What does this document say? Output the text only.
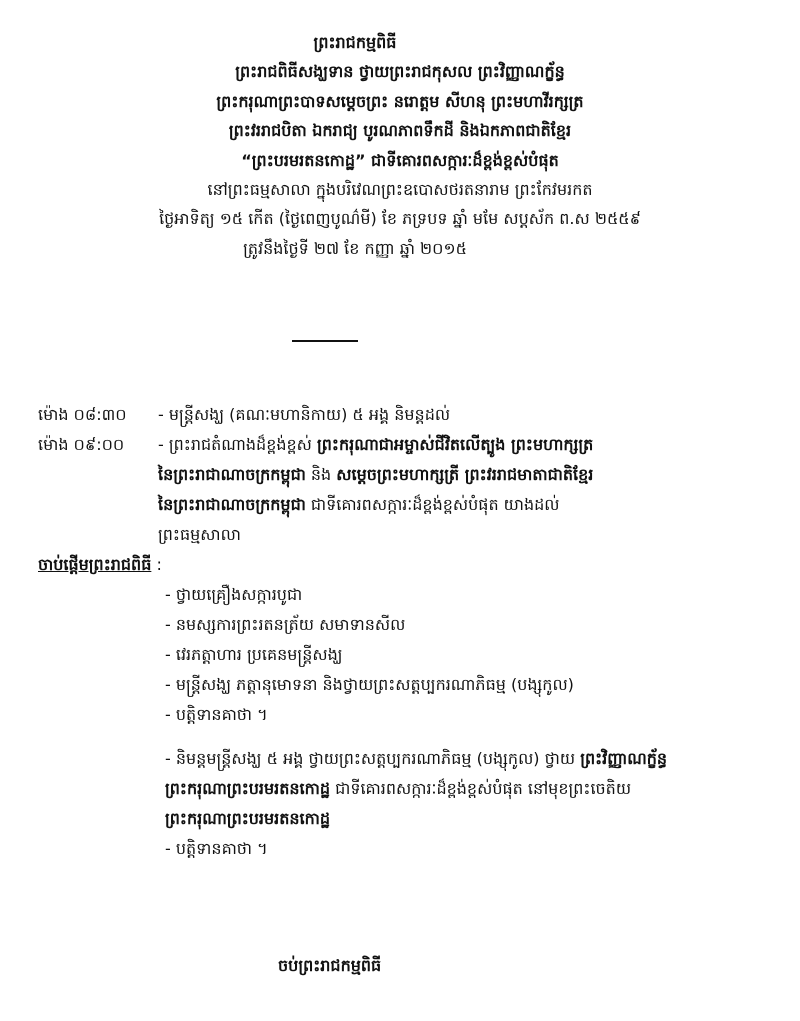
ព្រះរាជកម្មពិធី
ព្រះរាជពិធីសង្ឃទាន ថ្វាយព្រះរាជកុសល ព្រះវិញ្ញាណក្ខ័ន្ធ
ព្រះករុណាព្រះបាទសម្តេចព្រះ នរោត្តម សីហនុ ព្រះមហាវីរក្សត្រ
ព្រះវររាជបិតា ឯករាជ្យ បូរណភាពទឹកដី និងឯកភាពជាតិខ្មែរ
“ព្រះបរមរតនកោដ្ឋ” ជាទីគោរពសក្ការៈដ៏ខ្ពង់ខ្ពស់បំផុត
នៅព្រះធម្មសាលា ក្នុងបរិវេណព្រះឧបោសថរតនារាម ព្រះកែវមរកត
ថ្ងៃអាទិត្យ ១៥ កើត (ថ្ងៃពេញបូណ៌មី) ខែ ភទ្របទ ឆ្នាំ មមែ សប្តស័ក ព.ស ២៥៥៩
ត្រូវនឹងថ្ងៃទី ២៧ ខែ កញ្ញា ឆ្នាំ ២០១៥
ម៉ោង ០៨:៣០ - មន្ត្រីសង្ឃ (គណៈមហានិកាយ) ៥ អង្គ និមន្តដល់
ម៉ោង ០៩:០០ - ព្រះរាជតំណាងដ៏ខ្ពង់ខ្ពស់ ព្រះករុណាជាអម្ចាស់ជីវិតលើត្បូង ព្រះមហាក្សត្រ
នៃព្រះរាជាណាចក្រកម្ពុជា និង សម្តេចព្រះមហាក្សត្រី ព្រះវររាជមាតាជាតិខ្មែរ
នៃព្រះរាជាណាចក្រកម្ពុជា ជាទីគោរពសក្ការៈដ៏ខ្ពង់ខ្ពស់បំផុត យាងដល់
ព្រះធម្មសាលា
ចាប់ផ្តើមព្រះរាជពិធី :
- ថ្វាយគ្រឿងសក្ការបូជា
- នមស្សការព្រះរតនត្រ័យ សមាទានសីល
- វេរភត្តាហារ ប្រគេនមន្ត្រីសង្ឃ
- មន្ត្រីសង្ឃ ភត្តានុមោទនា និងថ្វាយព្រះសត្តប្បករណាភិធម្ម (បង្សុកូល)
- បត្តិទានគាថា ។
- និមន្តមន្ត្រីសង្ឃ ៥ អង្គ ថ្វាយព្រះសត្តប្បករណាភិធម្ម (បង្សុកូល) ថ្វាយ ព្រះវិញ្ញាណក្ខ័ន្ធ
ព្រះករុណាព្រះបរមរតនកោដ្ឋ ជាទីគោរពសក្ការៈដ៏ខ្ពង់ខ្ពស់បំផុត នៅមុខព្រះចេតិយ
ព្រះករុណាព្រះបរមរតនកោដ្ឋ
- បត្តិទានគាថា ។
ចប់ព្រះរាជកម្មពិធី
